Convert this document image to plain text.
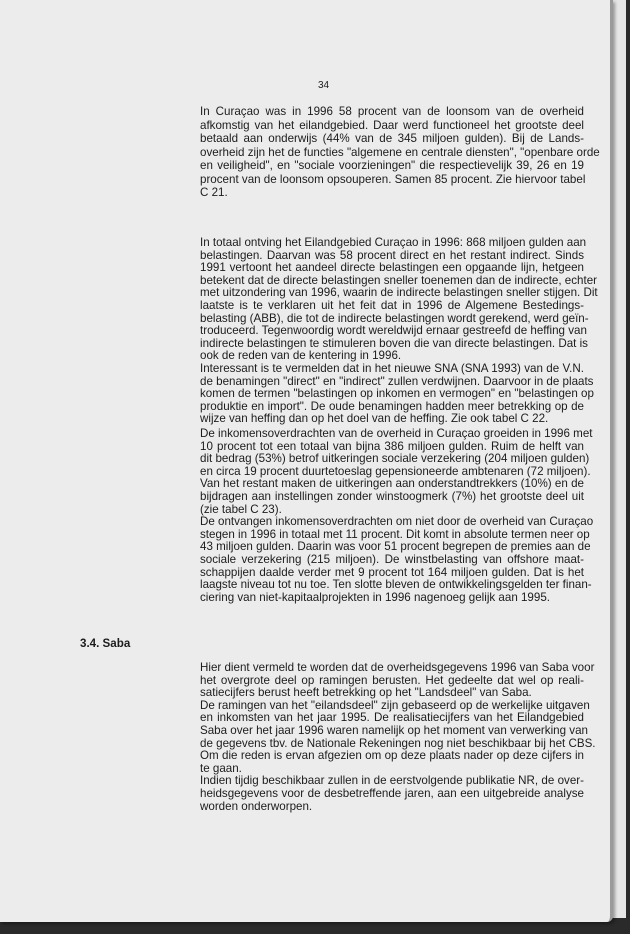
34
In Curaçao was in 1996 58 procent van de loonsom van de overheid
afkomstig van het eilandgebied. Daar werd functioneel het grootste deel
betaald aan onderwijs (44% van de 345 miljoen gulden). Bij de Lands-
overheid zijn het de functies "algemene en centrale diensten", "openbare orde
en veiligheid", en "sociale voorzieningen" die respectievelijk 39, 26 en 19
procent van de loonsom opsouperen. Samen 85 procent. Zie hiervoor tabel
C 21.
In totaal ontving het Eilandgebied Curaçao in 1996: 868 miljoen gulden aan
belastingen. Daarvan was 58 procent direct en het restant indirect. Sinds
1991 vertoont het aandeel directe belastingen een opgaande lijn, hetgeen
betekent dat de directe belastingen sneller toenemen dan de indirecte, echter
met uitzondering van 1996, waarin de indirecte belastingen sneller stijgen. Dit
laatste is te verklaren uit het feit dat in 1996 de Algemene Bestedings-
belasting (ABB), die tot de indirecte belastingen wordt gerekend, werd geïn-
troduceerd. Tegenwoordig wordt wereldwijd ernaar gestreefd de heffing van
indirecte belastingen te stimuleren boven die van directe belastingen. Dat is
ook de reden van de kentering in 1996.
Interessant is te vermelden dat in het nieuwe SNA (SNA 1993) van de V.N.
de benamingen "direct" en "indirect" zullen verdwijnen. Daarvoor in de plaats
komen de termen "belastingen op inkomen en vermogen" en "belastingen op
produktie en import". De oude benamingen hadden meer betrekking op de
wijze van heffing dan op het doel van de heffing. Zie ook tabel C 22.
De inkomensoverdrachten van de overheid in Curaçao groeiden in 1996 met
10 procent tot een totaal van bijna 386 miljoen gulden. Ruim de helft van
dit bedrag (53%) betrof uitkeringen sociale verzekering (204 miljoen gulden)
en circa 19 procent duurtetoeslag gepensioneerde ambtenaren (72 miljoen).
Van het restant maken de uitkeringen aan onderstandtrekkers (10%) en de
bijdragen aan instellingen zonder winstoogmerk (7%) het grootste deel uit
(zie tabel C 23).
De ontvangen inkomensoverdrachten om niet door de overheid van Curaçao
stegen in 1996 in totaal met 11 procent. Dit komt in absolute termen neer op
43 miljoen gulden. Daarin was voor 51 procent begrepen de premies aan de
sociale verzekering (215 miljoen). De winstbelasting van offshore maat-
schappijen daalde verder met 9 procent tot 164 miljoen gulden. Dat is het
laagste niveau tot nu toe. Ten slotte bleven de ontwikkelingsgelden ter finan-
ciering van niet-kapitaalprojekten in 1996 nagenoeg gelijk aan 1995.
3.4. Saba
Hier dient vermeld te worden dat de overheidsgegevens 1996 van Saba voor
het overgrote deel op ramingen berusten. Het gedeelte dat wel op reali-
satiecijfers berust heeft betrekking op het "Landsdeel" van Saba.
De ramingen van het "eilandsdeel" zijn gebaseerd op de werkelijke uitgaven
en inkomsten van het jaar 1995. De realisatiecijfers van het Eilandgebied
Saba over het jaar 1996 waren namelijk op het moment van verwerking van
de gegevens tbv. de Nationale Rekeningen nog niet beschikbaar bij het CBS.
Om die reden is ervan afgezien om op deze plaats nader op deze cijfers in
te gaan.
Indien tijdig beschikbaar zullen in de eerstvolgende publikatie NR, de over-
heidsgegevens voor de desbetreffende jaren, aan een uitgebreide analyse
worden onderworpen.
